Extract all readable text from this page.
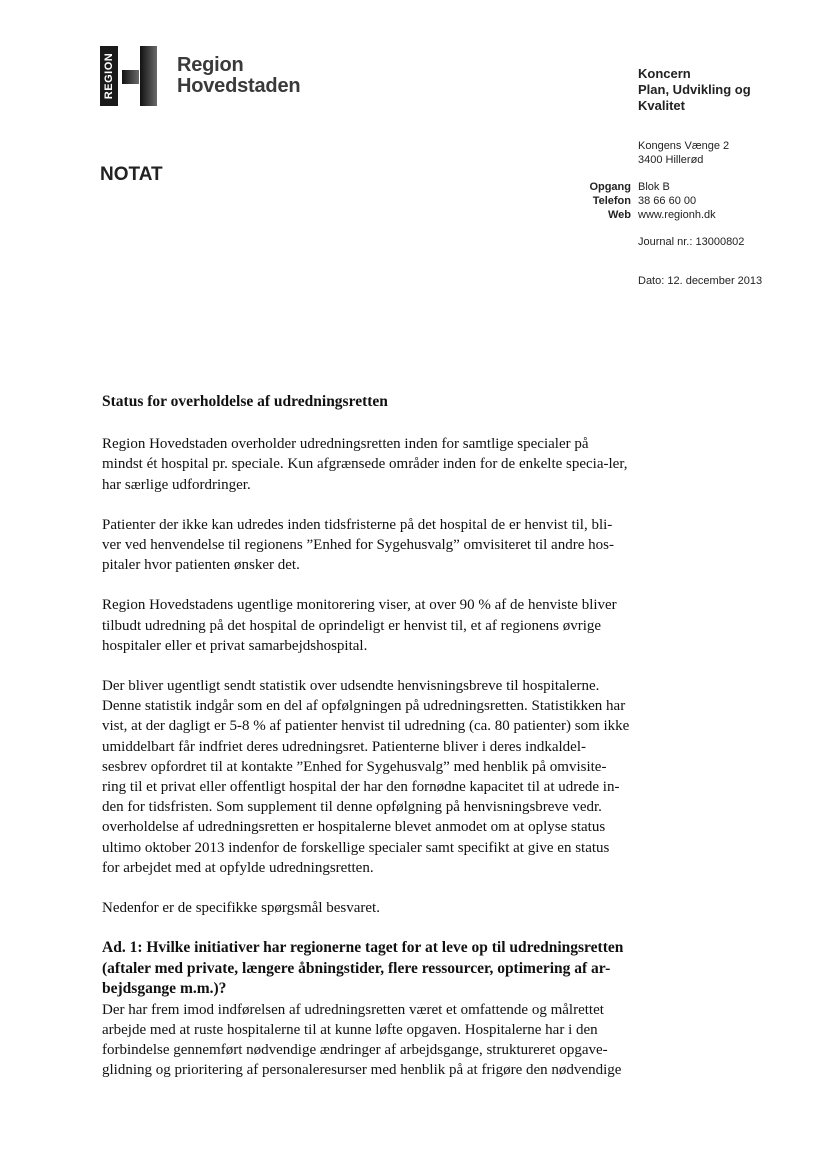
REGION	Region
Hovedstaden
NOTAT
Koncern
Plan, Udvikling og
Kvalitet
Kongens Vænge 2
3400 Hillerød
Opgang Blok B
Telefon 38 66 60 00
Web www.regionh.dk
Journal nr.: 13000802
Dato: 12. december 2013
Status for overholdelse af udredningsretten

Region Hovedstaden overholder udredningsretten inden for samtlige specialer på mindst ét hospital pr. speciale. Kun afgrænsede områder inden for de enkelte specia-ler, har særlige udfordringer.

Patienter der ikke kan udredes inden tidsfristerne på det hospital de er henvist til, bli-ver ved henvendelse til regionens ”Enhed for Sygehusvalg” omvisiteret til andre hos-pitaler hvor patienten ønsker det.

Region Hovedstadens ugentlige monitorering viser, at over 90 % af de henviste bliver tilbudt udredning på det hospital de oprindeligt er henvist til, et af regionens øvrige hospitaler eller et privat samarbejdshospital.

Der bliver ugentligt sendt statistik over udsendte henvisningsbreve til hospitalerne. Denne statistik indgår som en del af opfølgningen på udredningsretten. Statistikken har vist, at der dagligt er 5-8 % af patienter henvist til udredning (ca. 80 patienter) som ikke umiddelbart får indfriet deres udredningsret. Patienterne bliver i deres indkaldel-sesbrev opfordret til at kontakte ”Enhed for Sygehusvalg” med henblik på omvisite-ring til et privat eller offentligt hospital der har den fornødne kapacitet til at udrede in-den for tidsfristen. Som supplement til denne opfølgning på henvisningsbreve vedr. overholdelse af udredningsretten er hospitalerne blevet anmodet om at oplyse status ultimo oktober 2013 indenfor de forskellige specialer samt specifikt at give en status for arbejdet med at opfylde udredningsretten.

Nedenfor er de specifikke spørgsmål besvaret.

Ad. 1: Hvilke initiativer har regionerne taget for at leve op til udredningsretten (aftaler med private, længere åbningstider, flere ressourcer, optimering af ar-bejdsgange m.m.)?

Der har frem imod indførelsen af udredningsretten været et omfattende og målrettet arbejde med at ruste hospitalerne til at kunne løfte opgaven. Hospitalerne har i den forbindelse gennemført nødvendige ændringer af arbejdsgange, struktureret opgave-glidning og prioritering af personaleresurser med henblik på at frigøre den nødvendige
